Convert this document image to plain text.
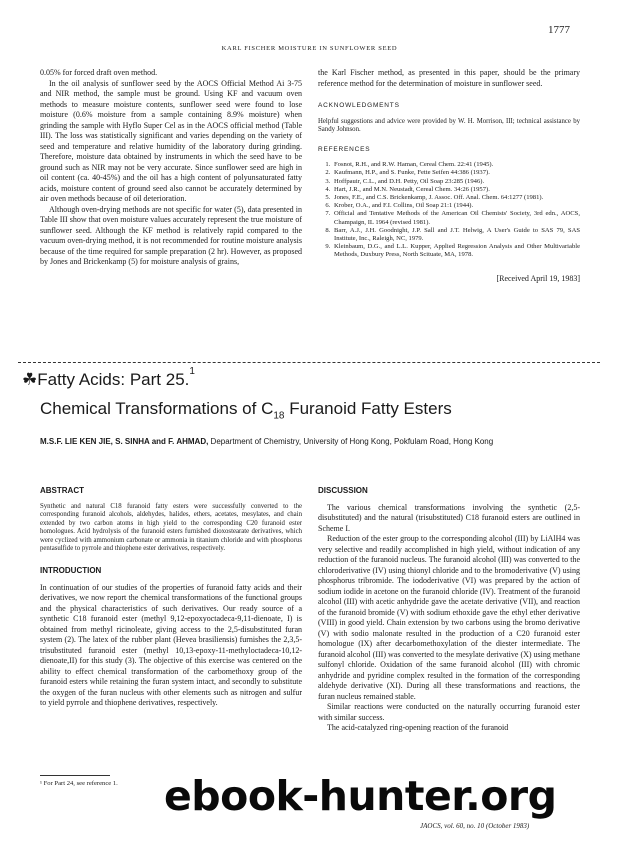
1777
KARL FISCHER MOISTURE IN SUNFLOWER SEED

0.05% for forced draft oven method.

In the oil analysis of sunflower seed by the AOCS Official Method Ai 3-75 and NIR method, the sample must be ground. Using KF and vacuum oven methods to measure moisture contents, sunflower seed were found to lose moisture (0.6% moisture from a sample containing 8.9% moisture) when grinding the sample with Hyflo Super Cel as in the AOCS official method (Table III). The loss was statistically significant and varies depending on the variety of seed and temperature and relative humidity of the laboratory during grinding. Therefore, moisture data obtained by instruments in which the seed have to be ground such as NIR may not be very accurate. Since sunflower seed are high in oil content (ca. 40-45%) and the oil has a high content of polyunsaturated fatty acids, moisture content of ground seed also cannot be accurately determined by air oven methods because of oil deterioration.

Although oven-drying methods are not specific for water (5), data presented in Table III show that oven moisture values accurately represent the true moisture of sunflower seed. Although the KF method is relatively rapid compared to the vacuum oven-drying method, it is not recommended for routine moisture analysis because of the time required for sample preparation (2 hr). However, as proposed by Jones and Brickenkamp (5) for moisture analysis of grains,

the Karl Fischer method, as presented in this paper, should be the primary reference method for the determination of moisture in sunflower seed.

ACKNOWLEDGMENTS

Helpful suggestions and advice were provided by W. H. Morrison, III; technical assistance by Sandy Johnson.

REFERENCES
1. Fosnot, R.H., and R.W. Haman, Cereal Chem. 22:41 (1945).
2. Kaufmann, H.P., and S. Funke, Fette Seifen 44:386 (1937).
3. Hoffpauir, C.L., and D.H. Petty, Oil Soap 23:285 (1946).
4. Hart, J.R., and M.N. Neustadt, Cereal Chem. 34:26 (1957).
5. Jones, F.E., and C.S. Brickenkamp, J. Assoc. Off. Anal. Chem. 64:1277 (1981).
6. Krober, O.A., and F.I. Collins, Oil Soap 21:1 (1944).
7. Official and Tentative Methods of the American Oil Chemists' Society, 3rd edn., AOCS, Champaign, IL 1964 (revised 1981).
8. Barr, A.J., J.H. Goodnight, J.P. Sall and J.T. Helwig, A User's Guide to SAS 79, SAS Institute, Inc., Raleigh, NC, 1979.
9. Kleinbaum, D.G., and L.L. Kupper, Applied Regression Analysis and Other Multivariable Methods, Duxbury Press, North Scituate, MA, 1978.
[Received April 19, 1983]
☘Fatty Acids: Part 25.$^1$
Chemical Transformations of $C_{18}$ Furanoid Fatty Esters
M.S.F. LIE KEN JIE, S. SINHA and F. AHMAD, Department of Chemistry, University of Hong Kong, Pokfulam Road, Hong Kong
ABSTRACT
Synthetic and natural C18 furanoid fatty esters were successfully converted to the corresponding furanoid alcohols, aldehydes, halides, ethers, acetates, mesylates, and chain extended by two carbon atoms in high yield to the corresponding C20 furanoid ester homologues. Acid hydrolysis of the furanoid esters furnished dioxostearate derivatives, which were cyclized with ammonium carbonate or ammonia in titanium chloride and with phosphorus pentasulfide to pyrrole and thiophene ester derivatives, respectively.
INTRODUCTION

In continuation of our studies of the properties of furanoid fatty acids and their derivatives, we now report the chemical transformations of the functional groups and the physical characteristics of such derivatives. Our ready source of a synthetic C18 furanoid ester (methyl 9,12-epoxyoctadeca-9,11-dienoate, I) is obtained from methyl ricinoleate, giving access to the 2,5-disubstituted furan system (2). The latex of the rubber plant (Hevea brasiliensis) furnishes the 2,3,5-trisubstituted furanoid ester (methyl 10,13-epoxy-11-methyloctadeca-10,12-dienoate,II) for this study (3). The objective of this exercise was centered on the ability to effect chemical transformation of the carbomethoxy group of the furanoid esters while retaining the furan system intact, and secondly to substitute the oxygen of the furan nucleus with other elements such as nitrogen and sulfur to yield pyrrole and thiophene derivatives, respectively.

¹ For Part 24, see reference 1.
DISCUSSION

The various chemical transformations involving the synthetic (2,5-disubstituted) and the natural (trisubstituted) C18 furanoid esters are outlined in Scheme I.

Reduction of the ester group to the corresponding alcohol (III) by LiAlH4 was very selective and readily accomplished in high yield, without indication of any reduction of the furanoid nucleus. The furanoid alcohol (III) was converted to the chloroderivative (IV) using thionyl chloride and to the bromoderivative (V) using phosphorus tribromide. The iododerivative (VI) was prepared by the action of sodium iodide in acetone on the furanoid chloride (IV). Treatment of the furanoid alcohol (III) with acetic anhydride gave the acetate derivative (VII), and reaction of the furanoid bromide (V) with sodium ethoxide gave the ethyl ether derivative (VIII) in good yield. Chain extension by two carbons using the bromo derivative (V) with sodio malonate resulted in the production of a C20 furanoid ester homologue (IX) after decarbomethoxylation of the diester intermediate. The furanoid alcohol (III) was converted to the mesylate derivative (X) using methane sulfonyl chloride. Oxidation of the same furanoid alcohol (III) with chromic anhydride and pyridine complex resulted in the formation of the corresponding aldehyde derivative (XI). During all these transformations and reactions, the furan nucleus remained stable.

Similar reactions were conducted on the naturally occurring furanoid ester with similar success.

The acid-catalyzed ring-opening reaction of the furanoid

JAOCS, vol. 60, no. 10 (October 1983)
ebook-hunter.org
